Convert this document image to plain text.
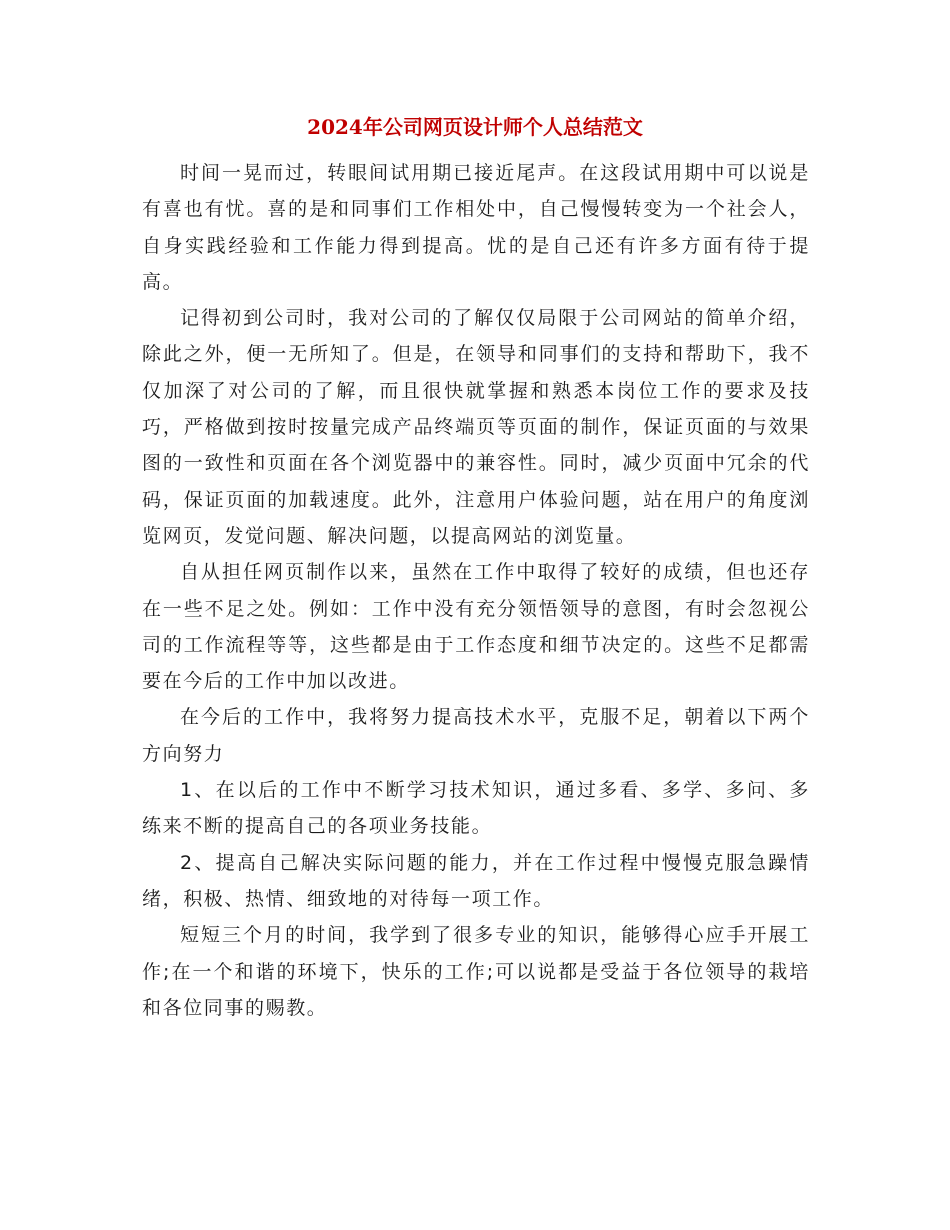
2024年公司网页设计师个人总结范文

时间一晃而过，转眼间试用期已接近尾声。在这段试用期中可以说是有喜也有忧。喜的是和同事们工作相处中，自己慢慢转变为一个社会人，自身实践经验和工作能力得到提高。忧的是自己还有许多方面有待于提高。

记得初到公司时，我对公司的了解仅仅局限于公司网站的简单介绍，除此之外，便一无所知了。但是，在领导和同事们的支持和帮助下，我不仅加深了对公司的了解，而且很快就掌握和熟悉本岗位工作的要求及技巧，严格做到按时按量完成产品终端页等页面的制作，保证页面的与效果图的一致性和页面在各个浏览器中的兼容性。同时，减少页面中冗余的代码，保证页面的加载速度。此外，注意用户体验问题，站在用户的角度浏览网页，发觉问题、解决问题，以提高网站的浏览量。

自从担任网页制作以来，虽然在工作中取得了较好的成绩，但也还存在一些不足之处。例如：工作中没有充分领悟领导的意图，有时会忽视公司的工作流程等等，这些都是由于工作态度和细节决定的。这些不足都需要在今后的工作中加以改进。

在今后的工作中，我将努力提高技术水平，克服不足，朝着以下两个方向努力

1、在以后的工作中不断学习技术知识，通过多看、多学、多问、多练来不断的提高自己的各项业务技能。

2、提高自己解决实际问题的能力，并在工作过程中慢慢克服急躁情绪，积极、热情、细致地的对待每一项工作。

短短三个月的时间，我学到了很多专业的知识，能够得心应手开展工作;在一个和谐的环境下，快乐的工作;可以说都是受益于各位领导的栽培和各位同事的赐教。
